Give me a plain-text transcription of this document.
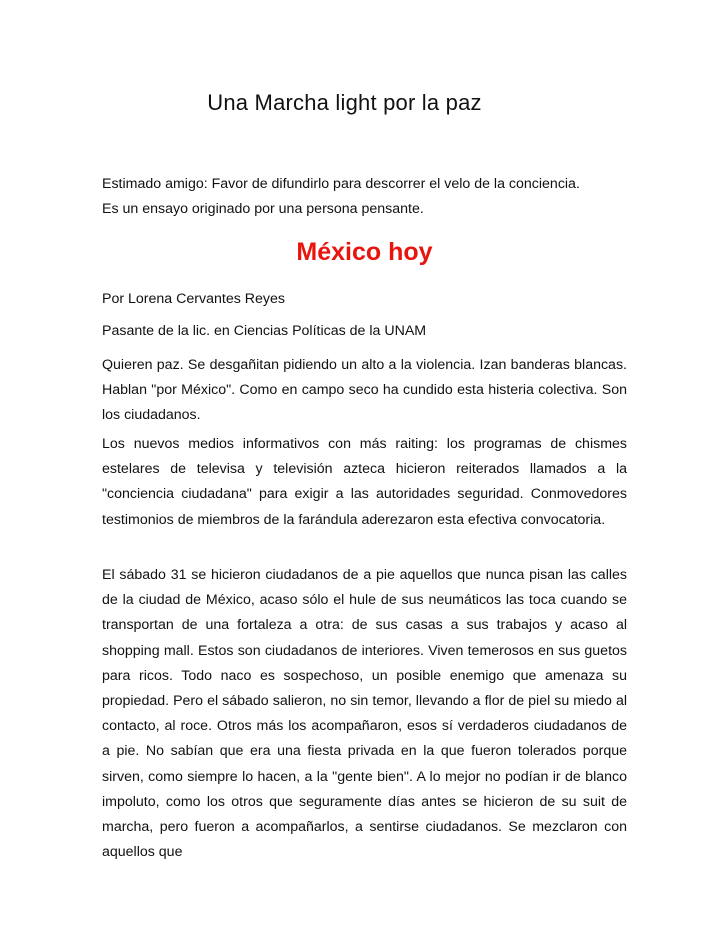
Una Marcha light por la paz

Estimado amigo: Favor de difundirlo para descorrer el velo de la conciencia.

Es un ensayo originado por una persona pensante.

México hoy

Por Lorena Cervantes Reyes

Pasante de la lic. en Ciencias Políticas de la UNAM

Quieren paz. Se desgañitan pidiendo un alto a la violencia. Izan banderas blancas. Hablan "por México". Como en campo seco ha cundido esta histeria colectiva. Son los ciudadanos.

Los nuevos medios informativos con más raiting: los programas de chismes estelares de televisa y televisión azteca hicieron reiterados llamados a la "conciencia ciudadana" para exigir a las autoridades seguridad. Conmovedores testimonios de miembros de la farándula aderezaron esta efectiva convocatoria.

El sábado 31 se hicieron ciudadanos de a pie aquellos que nunca pisan las calles de la ciudad de México, acaso sólo el hule de sus neumáticos las toca cuando se transportan de una fortaleza a otra: de sus casas a sus trabajos y acaso al shopping mall. Estos son ciudadanos de interiores. Viven temerosos en sus guetos para ricos. Todo naco es sospechoso, un posible enemigo que amenaza su propiedad. Pero el sábado salieron, no sin temor, llevando a flor de piel su miedo al contacto, al roce. Otros más los acompañaron, esos sí verdaderos ciudadanos de a pie. No sabían que era una fiesta privada en la que fueron tolerados porque sirven, como siempre lo hacen, a la "gente bien". A lo mejor no podían ir de blanco impoluto, como los otros que seguramente días antes se hicieron de su suit de marcha, pero fueron a acompañarlos, a sentirse ciudadanos. Se mezclaron con aquellos que
